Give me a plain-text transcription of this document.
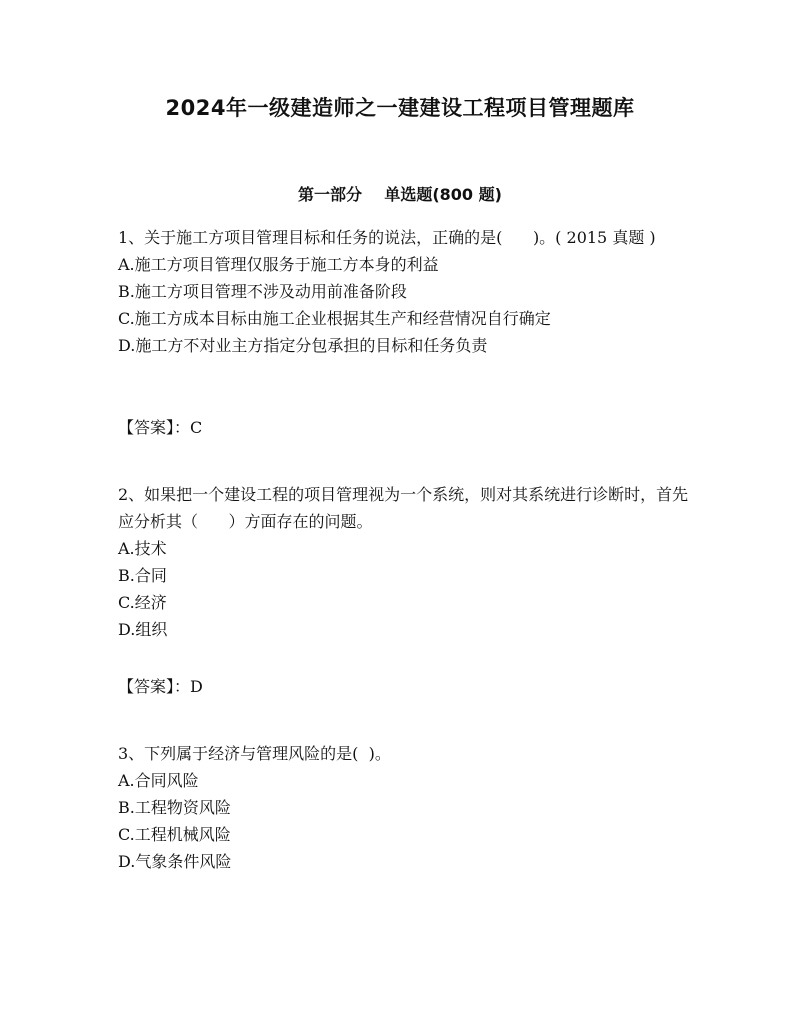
2024年一级建造师之一建建设工程项目管理题库
第一部分    单选题(800 题)

1、关于施工方项目管理目标和任务的说法，正确的是(      )。( 2015 真题 )

A.施工方项目管理仅服务于施工方本身的利益

B.施工方项目管理不涉及动用前准备阶段

C.施工方成本目标由施工企业根据其生产和经营情况自行确定

D.施工方不对业主方指定分包承担的目标和任务负责

【答案】：C

2、如果把一个建设工程的项目管理视为一个系统，则对其系统进行诊断时，首先应分析其（      ）方面存在的问题。

A.技术

B.合同

C.经济

D.组织

【答案】：D

3、下列属于经济与管理风险的是(  )。

A.合同风险

B.工程物资风险

C.工程机械风险

D.气象条件风险
